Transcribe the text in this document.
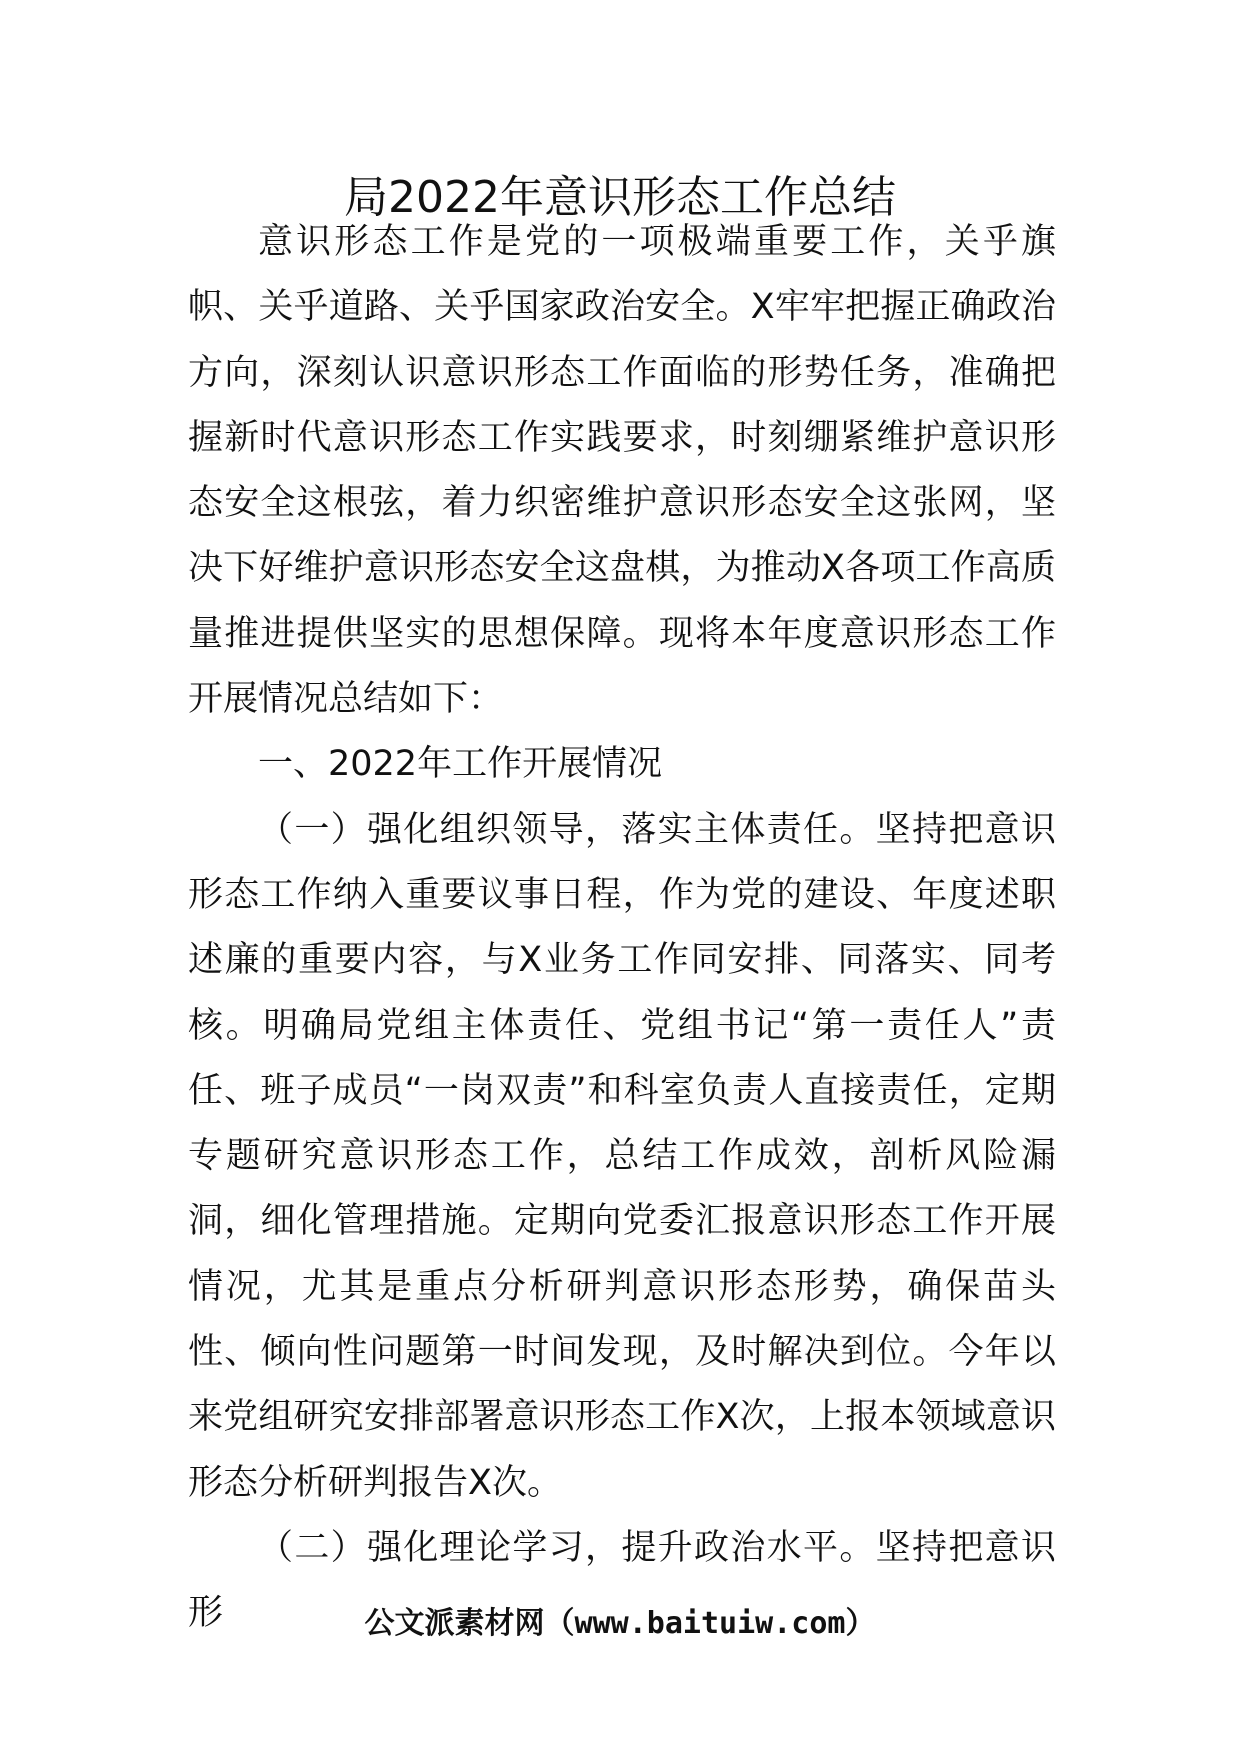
局2022年意识形态工作总结

意识形态工作是党的一项极端重要工作，关乎旗帜、关乎道路、关乎国家政治安全。X牢牢把握正确政治方向，深刻认识意识形态工作面临的形势任务，准确把握新时代意识形态工作实践要求，时刻绷紧维护意识形态安全这根弦，着力织密维护意识形态安全这张网，坚决下好维护意识形态安全这盘棋，为推动X各项工作高质量推进提供坚实的思想保障。现将本年度意识形态工作开展情况总结如下：

一、2022年工作开展情况

（一）强化组织领导，落实主体责任。坚持把意识形态工作纳入重要议事日程，作为党的建设、年度述职述廉的重要内容，与X业务工作同安排、同落实、同考核。明确局党组主体责任、党组书记“第一责任人”责任、班子成员“一岗双责”和科室负责人直接责任，定期专题研究意识形态工作，总结工作成效，剖析风险漏洞，细化管理措施。定期向党委汇报意识形态工作开展情况，尤其是重点分析研判意识形态形势，确保苗头性、倾向性问题第一时间发现，及时解决到位。今年以来党组研究安排部署意识形态工作X次，上报本领域意识形态分析研判报告X次。

（二）强化理论学习，提升政治水平。坚持把意识形	公文派素材网（www.baituiw.com）
